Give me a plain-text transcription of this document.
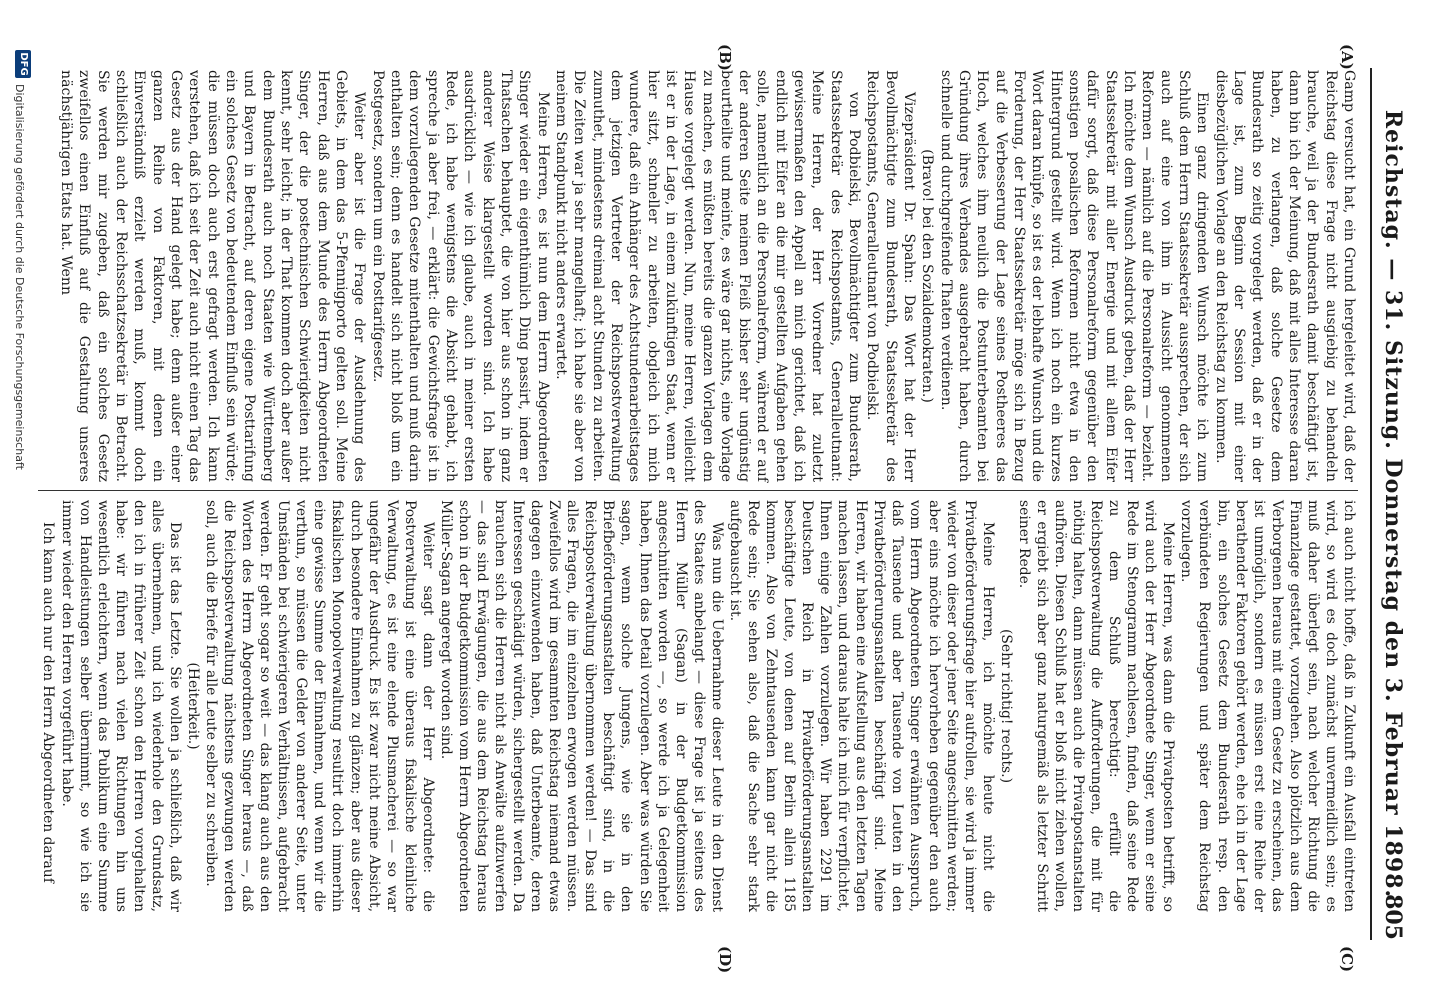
Reichstag. — 31. Sitzung. Donnerstag den 3. Februar 1898.
805
(A)
(B)
(C)
(D)

Gamp versucht hat, ein Grund hergeleitet wird, daß der Reichstag diese Frage nicht ausgiebig zu behandeln brauche, weil ja der Bundesrath damit beschäftigt ist, dann bin ich der Meinung, daß mit alles Interesse daran haben, zu verlangen, daß solche Gesetze dem Bundesrath so zeitig vorgelegt werden, daß er in der Lage ist, zum Beginn der Session mit einer diesbezüglichen Vorlage an den Reichstag zu kommen.

Einen ganz dringenden Wunsch möchte ich zum Schluß dem Herrn Staatssekretär aussprechen, der sich auch auf eine von ihm in Aussicht genommenen Reformen — nämlich auf die Personalreform — bezieht. Ich möchte dem Wunsch Ausdruck geben, daß der Herr Staatssekretär mit aller Energie und mit allem Eifer dafür sorgt, daß diese Personalreform gegenüber den sonstigen posalischen Reformen nicht etwa in den Hintergrund gestellt wird. Wenn ich noch ein kurzes Wort daran knüpfe, so ist es der lebhafte Wunsch und die Forderung, der Herr Staatssekretär möge sich in Bezug auf die Verbesserung der Lage seines Postheeres das Hoch, welches ihm neulich die Postunterbeamten bei Gründung ihres Verbandes ausgebracht haben, durch schnelle und durchgreifende Thaten verdienen.

(Bravo! bei den Sozialdemokraten.)

Vizepräsident Dr. Spahn: Das Wort hat der Herr Bevollmächtigte zum Bundesrath, Staatssekretär des Reichspostamts, Generalleutnant von Podbielski.

von Podbielski, Bevollmächtigter zum Bundesrath, Staatssekretär des Reichspostamts, Generalleutnant: Meine Herren, der Herr Vorredner hat zuletzt gewissermaßen den Appell an mich gerichtet, daß ich endlich mit Eifer an die mir gestellten Aufgaben gehen solle, namentlich an die Personalreform, während er auf der anderen Seite meinen Fleiß bisher sehr ungünstig beurtheilte und meinte, es wäre gar nichts, eine Vorlage zu machen, es müßten bereits die ganzen Vorlagen dem Hause vorgelegt werden. Nun, meine Herren, vielleicht ist er in der Lage, in einem zukünftigen Staat, wenn er hier sitzt, schneller zu arbeiten, obgleich ich mich wundere, daß ein Anhänger des Achtstundenarbeitstages dem jetzigen Vertreter der Reichspostverwaltung zumuthet, mindestens dreimal acht Stunden zu arbeiten. Die Zeiten war ja sehr mangelhaft; ich habe sie aber von meinem Standpunkt nicht anders erwartet.

Meine Herren, es ist nun dem Herrn Abgeordneten Singer wieder ein eigenthümlich Ding passirt, indem er Thatsachen behauptet, die von hier aus schon in ganz anderer Weise klargestellt worden sind. Ich habe ausdrücklich — wie ich glaube, auch in meiner ersten Rede, ich habe wenigstens die Absicht gehabt, ich spreche ja aber frei, — erklärt: die Gewichtsfrage ist in dem vorzulegenden Gesetze mitenthalten und muß darin enthalten sein; denn es handelt sich nicht bloß um ein Postgesetz, sondern um ein Posttarifgesetz.

Weiter aber ist die Frage der Ausdehnung des Gebiets, in dem das 5-Pfennigporto gelten soll. Meine Herren, daß aus dem Munde des Herrn Abgeordneten Singer, der die postechnischen Schwierigkeiten nicht kennt, sehr leicht; in der That kommen doch aber außer dem Bundesrath auch noch Staaten wie Württemberg und Bayern in Betracht, auf deren eigene Posttarifung ein solches Gesetz von bedeutendem Einfluß sein würde; die müssen doch auch erst gefragt werden. Ich kann verstehen, daß ich seit der Zeit auch nicht einen Tag das Gesetz aus der Hand gelegt habe; denn außer einer ganzen Reihe von Faktoren, mit denen ein Einverständniß erzielt werden muß, kommt doch schließlich auch der Reichsschatzsekretär in Betracht. Sie werden mir zugeben, daß ein solches Gesetz zweifellos einen Einfluß auf die Gestaltung unseres nächstjährigen Etats hat. Wenn

ich auch nicht hoffe, daß in Zukunft ein Ausfall eintreten wird, so wird es doch zunächst unvermeidlich sein; es muß daher überlegt sein, nach welcher Richtung die Finanzlage gestattet, vorzugehen. Also plötzlich aus dem Verborgenen heraus mit einem Gesetz zu erscheinen, das ist unmöglich, sondern es müssen erst eine Reihe der berathender Faktoren gehört werden, ehe ich in der Lage bin, ein solches Gesetz dem Bundesrath resp. den verbündeten Regierungen und später dem Reichstag vorzulegen.

Meine Herren, was dann die Privatposten betrifft, so wird auch der Herr Abgeordnete Singer, wenn er seine Rede im Stenogramm nachlesen, finden, daß seine Rede zu dem Schluß berechtigt: erfüllt die Reichspostverwaltung die Aufforderungen, die mit für nöthig halten, dann müssen auch die Privatpostanstalten aufhören. Diesen Schluß hat er bloß nicht ziehen wollen, er ergiebt sich aber ganz naturgemäß als letzter Schritt seiner Rede.

(Sehr richtig! rechts.)

Meine Herren, ich möchte heute nicht die Privatbeförderungsfrage hier aufrollen, sie wird ja immer wieder von dieser oder jener Seite angeschnitten werden; aber eins möchte ich hervorheben gegenüber den auch vom Herrn Abgeordneten Singer erwähnten Ausspruch, daß Tausende und aber Tausende von Leuten in den Privatbeförderungsanstalten beschäftigt sind. Meine Herren, wir haben eine Aufstellung aus den letzten Tagen machen lassen, und daraus halte ich mich für verpflichtet, Ihnen einige Zahlen vorzulegen. Wir haben 2291 im Deutschen Reich in Privatbeförderungsanstalten beschäftigte Leute, von denen auf Berlin allein 1185 kommen. Also von Zehntausenden kann gar nicht die Rede sein; Sie sehen also, daß die Sache sehr stark aufgebauscht ist.

Was nun die Uebernahme dieser Leute in den Dienst des Staates anbelangt — diese Frage ist ja seitens des Herrn Müller (Sagan) in der Budgetkommission angeschnitten worden —, so werde ich ja Gelegenheit haben, Ihnen das Detail vorzulegen. Aber was würden Sie sagen, wenn solche Jungens, wie sie in den Briefbeförderungsanstalten beschäftigt sind, in die Reichspostverwaltung übernommen werden! — Das sind alles Fragen, die im einzelnen erwogen werden müssen. Zweifellos wird im gesammten Reichstag niemand etwas dagegen einzuwenden haben, daß Unterbeamte, deren Interessen geschädigt würden, sichergestellt werden. Da brauchen sich die Herren nicht als Anwälte aufzuwerfen — das sind Erwägungen, die aus dem Reichstag heraus schon in der Budgetkommission vom Herrn Abgeordneten Müller-Sagan angeregt worden sind.

Weiter sagt dann der Herr Abgeordnete: die Postverwaltung ist eine überaus fiskalische kleinliche Verwaltung, es ist eine elende Plusmacherei — so war ungefähr der Ausdruck. Es ist zwar nicht meine Absicht, durch besondere Einnahmen zu glänzen; aber aus dieser fiskalischen Monopolverwaltung resultirt doch immerhin eine gewisse Summe der Einnahmen, und wenn wir die verthun, so müssen die Gelder von anderer Seite, unter Umständen bei schwierigeren Verhältnissen, aufgebracht werden. Er geht sogar so weit — das klang auch aus den Worten des Herrn Abgeordneten Singer heraus —, daß die Reichspostverwaltung nächstens gezwungen werden soll, auch die Briefe für alle Leute selber zu schreiben.

(Heiterkeit.)

Das ist das Letzte. Sie wollen ja schließlich, daß wir alles übernehmen, und ich wiederhole den Grundsatz, den ich in früherer Zeit schon den Herren vorgehalten habe: wir führen nach vielen Richtungen hin uns wesentlich erleichtern, wenn das Publikum eine Summe von Handleistungen selber übernimmt, so wie ich sie immer wieder den Herren vorgeführt habe.

Ich kann auch nur den Herrn Abgeordneten darauf

DFG
Digitalisierung gefördert durch die Deutsche Forschungsgemeinschaft
